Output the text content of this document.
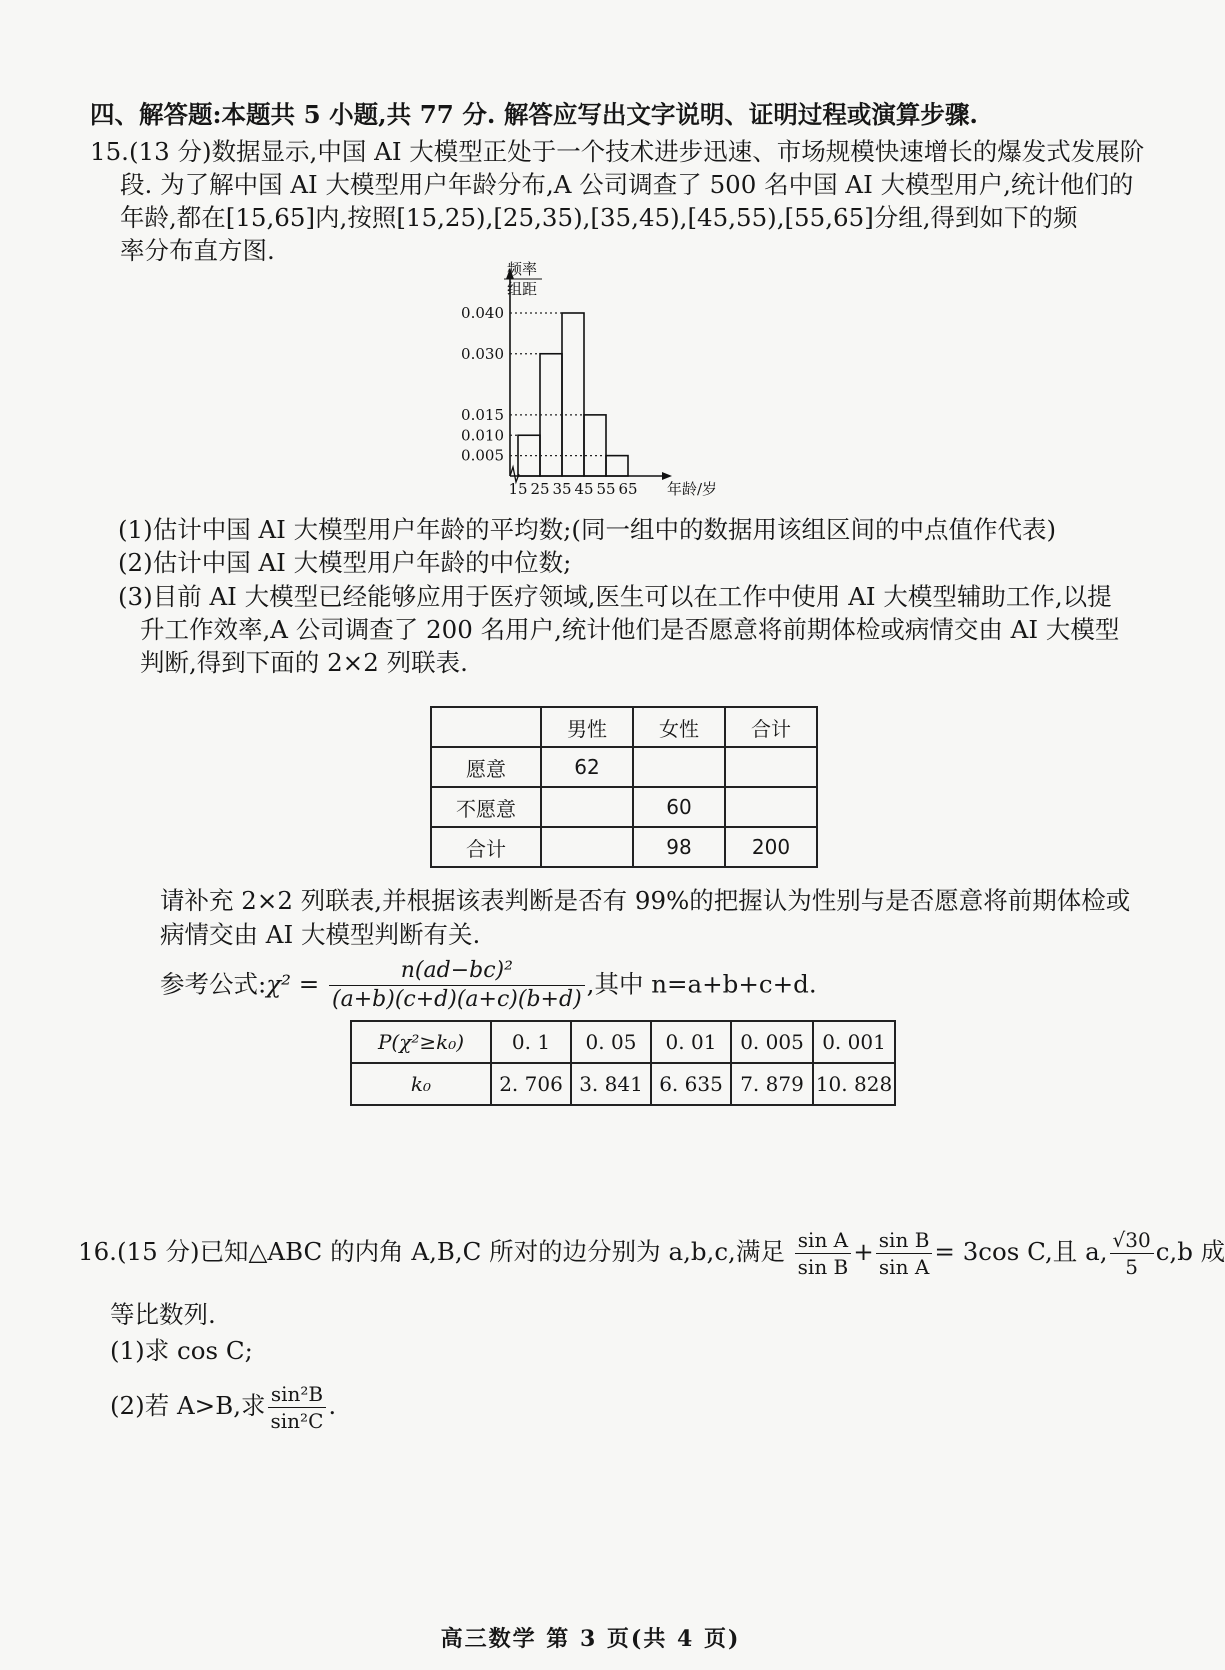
四、解答题:本题共 5 小题,共 77 分. 解答应写出文字说明、证明过程或演算步骤.
15.(13 分)数据显示,中国 AI 大模型正处于一个技术进步迅速、市场规模快速增长的爆发式发展阶
段. 为了解中国 AI 大模型用户年龄分布,A 公司调查了 500 名中国 AI 大模型用户,统计他们的
年龄,都在[15,65]内,按照[15,25),[25,35),[35,45),[45,55),[55,65]分组,得到如下的频
率分布直方图.
频率
组距
0.005
0.010
0.015
0.030
0.040
15 25 35 45 55 65 年龄/岁
(1)估计中国 AI 大模型用户年龄的平均数;(同一组中的数据用该组区间的中点值作代表)
(2)估计中国 AI 大模型用户年龄的中位数;
(3)目前 AI 大模型已经能够应用于医疗领域,医生可以在工作中使用 AI 大模型辅助工作,以提
升工作效率,A 公司调查了 200 名用户,统计他们是否愿意将前期体检或病情交由 AI 大模型
判断,得到下面的 2×2 列联表.
	男性	女性	合计
愿意	62		
不愿意		60	
合计		98	200
请补充 2×2 列联表,并根据该表判断是否有 99%的把握认为性别与是否愿意将前期体检或
病情交由 AI 大模型判断有关.
参考公式:χ² = $\frac{\text{n(ad−bc)²}}{(a+b)(c+d)(a+c)(b+d)}$ ,其中 n=a+b+c+d.
P(χ²≥k₀)	0. 1	0. 05	0. 01	0. 005	0. 001
k₀	2. 706	3. 841	6. 635	7. 879	10. 828
16.(15 分)已知△ABC 的内角 A,B,C 所对的边分别为 a,b,c,满足 $\frac{\text{sin A}}{\text{sin B}} + \frac{\text{sin B}}{\text{sin A}} = 3\cos$ C,且 a, $\frac{√30}{5} c,b$ 成
等比数列.
(1)求 cos C;
(2)若 A>B,求 $\frac{\text{sin²B}}{\text{sin²C}}$ .
高三数学 第 3 页(共 4 页)
